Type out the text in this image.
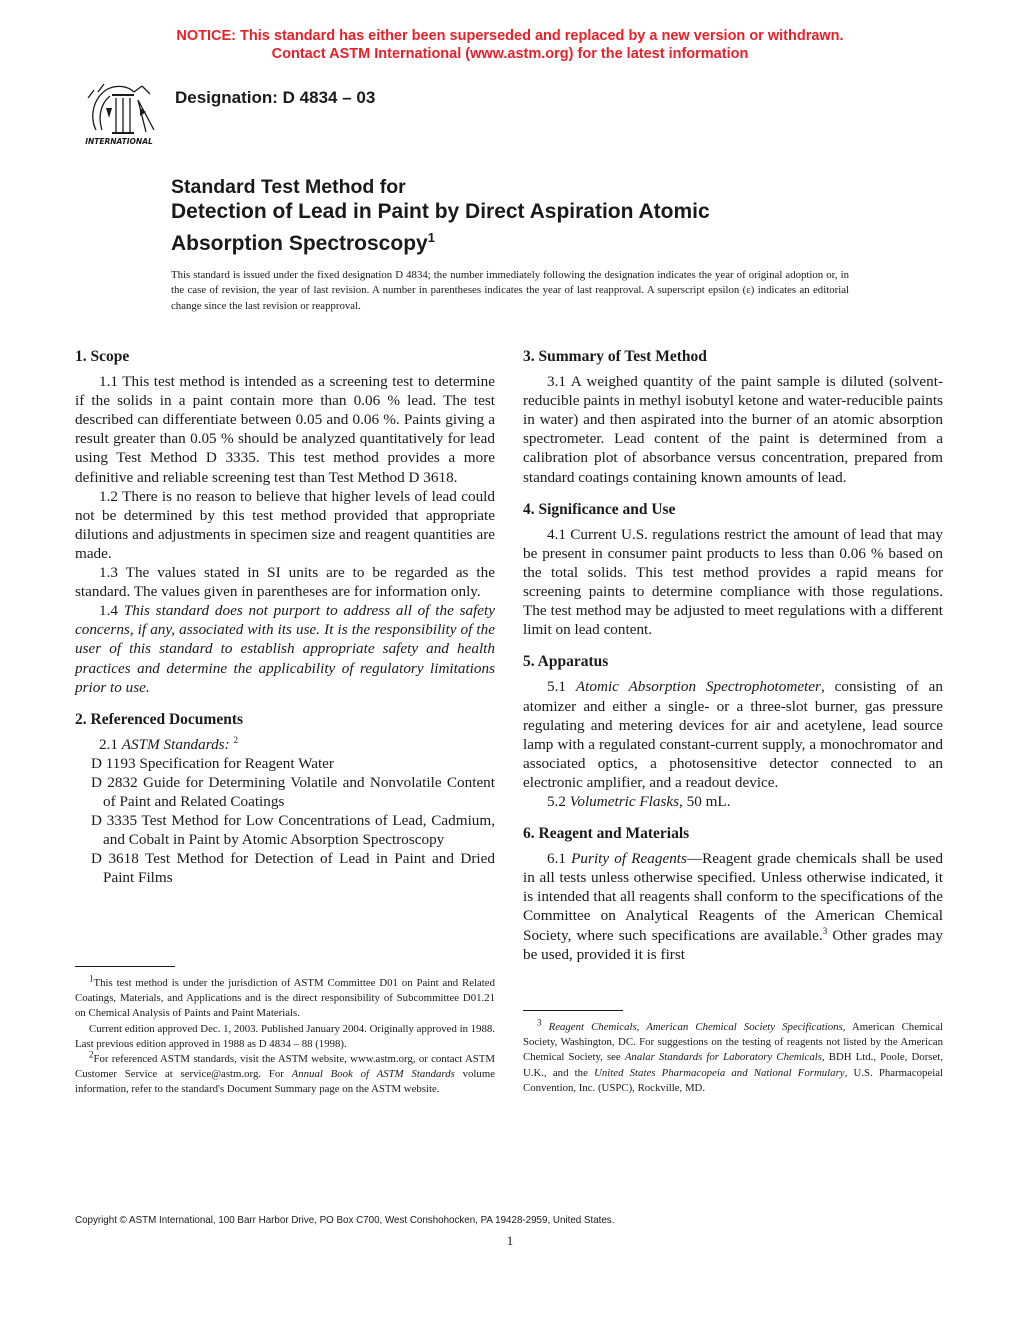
NOTICE: This standard has either been superseded and replaced by a new version or withdrawn.
Contact ASTM International (www.astm.org) for the latest information
INTERNATIONAL
Designation: D 4834 – 03
Standard Test Method for
Detection of Lead in Paint by Direct Aspiration Atomic
Absorption Spectroscopy$^1$
This standard is issued under the fixed designation D 4834; the number immediately following the designation indicates the year of original adoption or, in the case of revision, the year of last revision. A number in parentheses indicates the year of last reapproval. A superscript epsilon (ε) indicates an editorial change since the last revision or reapproval.

1. Scope

1.1 This test method is intended as a screening test to determine if the solids in a paint contain more than 0.06 % lead. The test described can differentiate between 0.05 and 0.06 %. Paints giving a result greater than 0.05 % should be analyzed quantitatively for lead using Test Method D 3335. This test method provides a more definitive and reliable screening test than Test Method D 3618.

1.2 There is no reason to believe that higher levels of lead could not be determined by this test method provided that appropriate dilutions and adjustments in specimen size and reagent quantities are made.

1.3 The values stated in SI units are to be regarded as the standard. The values given in parentheses are for information only.

1.4 This standard does not purport to address all of the safety concerns, if any, associated with its use. It is the responsibility of the user of this standard to establish appropriate safety and health practices and determine the applicability of regulatory limitations prior to use.

2. Referenced Documents

2.1 ASTM Standards: $^2$

D 1193 Specification for Reagent Water

D 2832 Guide for Determining Volatile and Nonvolatile Content of Paint and Related Coatings

D 3335 Test Method for Low Concentrations of Lead, Cadmium, and Cobalt in Paint by Atomic Absorption Spectroscopy

D 3618 Test Method for Detection of Lead in Paint and Dried Paint Films

$^1$This test method is under the jurisdiction of ASTM Committee D01 on Paint and Related Coatings, Materials, and Applications and is the direct responsibility of Subcommittee D01.21 on Chemical Analysis of Paints and Paint Materials.

Current edition approved Dec. 1, 2003. Published January 2004. Originally approved in 1988. Last previous edition approved in 1988 as D 4834 – 88 (1998).

$^2$For referenced ASTM standards, visit the ASTM website, www.astm.org, or contact ASTM Customer Service at service@astm.org. For Annual Book of ASTM Standards volume information, refer to the standard's Document Summary page on the ASTM website.

3. Summary of Test Method

3.1 A weighed quantity of the paint sample is diluted (solvent-reducible paints in methyl isobutyl ketone and water-reducible paints in water) and then aspirated into the burner of an atomic absorption spectrometer. Lead content of the paint is determined from a calibration plot of absorbance versus concentration, prepared from standard coatings containing known amounts of lead.

4. Significance and Use

4.1 Current U.S. regulations restrict the amount of lead that may be present in consumer paint products to less than 0.06 % based on the total solids. This test method provides a rapid means for screening paints to determine compliance with those regulations. The test method may be adjusted to meet regulations with a different limit on lead content.

5. Apparatus

5.1 Atomic Absorption Spectrophotometer, consisting of an atomizer and either a single- or a three-slot burner, gas pressure regulating and metering devices for air and acetylene, lead source lamp with a regulated constant-current supply, a monochromator and associated optics, a photosensitive detector connected to an electronic amplifier, and a readout device.

5.2 Volumetric Flasks, 50 mL.

6. Reagent and Materials

6.1 Purity of Reagents—Reagent grade chemicals shall be used in all tests unless otherwise specified. Unless otherwise indicated, it is intended that all reagents shall conform to the specifications of the Committee on Analytical Reagents of the American Chemical Society, where such specifications are available.$^3$ Other grades may be used, provided it is first

$^3$ Reagent Chemicals, American Chemical Society Specifications, American Chemical Society, Washington, DC. For suggestions on the testing of reagents not listed by the American Chemical Society, see Analar Standards for Laboratory Chemicals, BDH Ltd., Poole, Dorset, U.K., and the United States Pharmacopeia and National Formulary, U.S. Pharmacopeial Convention, Inc. (USPC), Rockville, MD.

Copyright © ASTM International, 100 Barr Harbor Drive, PO Box C700, West Conshohocken, PA 19428-2959, United States.
1
